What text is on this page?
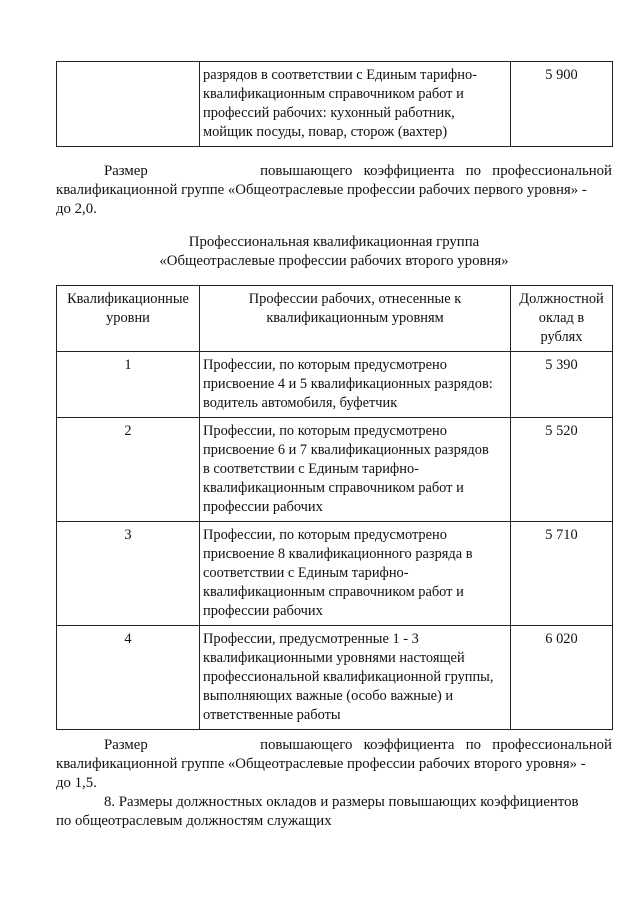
разрядов в соответствии с Единым тарифно-
квалификационным справочником работ и
профессий рабочих: кухонный работник,
мойщик посуды, повар, сторож (вахтер)
	5 900
Размер	повышающего коэффициента по профессиональной
квалификационной группе «Общеотраслевые профессии рабочих первого уровня» -
до 2,0.
Профессиональная квалификационная группа
«Общеотраслевые профессии рабочих второго уровня»
Квалификационные
уровни	Профессии рабочих, отнесенные к
квалификационным уровням	Должностной
оклад в
рублях

1	Профессии, по которым предусмотрено
присвоение 4 и 5 квалификационных разрядов:
водитель автомобиля, буфетчик	5 390
2	Профессии, по которым предусмотрено
присвоение 6 и 7 квалификационных разрядов
в соответствии с Единым тарифно-
квалификационным справочником работ и
профессии рабочих	5 520
3	Профессии, по которым предусмотрено
присвоение 8 квалификационного разряда в
соответствии с Единым тарифно-
квалификационным справочником работ и
профессии рабочих	5 710
4	Профессии, предусмотренные 1 - 3
квалификационными уровнями настоящей
профессиональной квалификационной группы,
выполняющих важные (особо важные) и
ответственные работы	6 020
Размер	повышающего коэффициента по профессиональной
квалификационной группе «Общеотраслевые профессии рабочих второго уровня» -
до 1,5.
8. Размеры должностных окладов и размеры повышающих коэффициентов
по общеотраслевым должностям служащих
